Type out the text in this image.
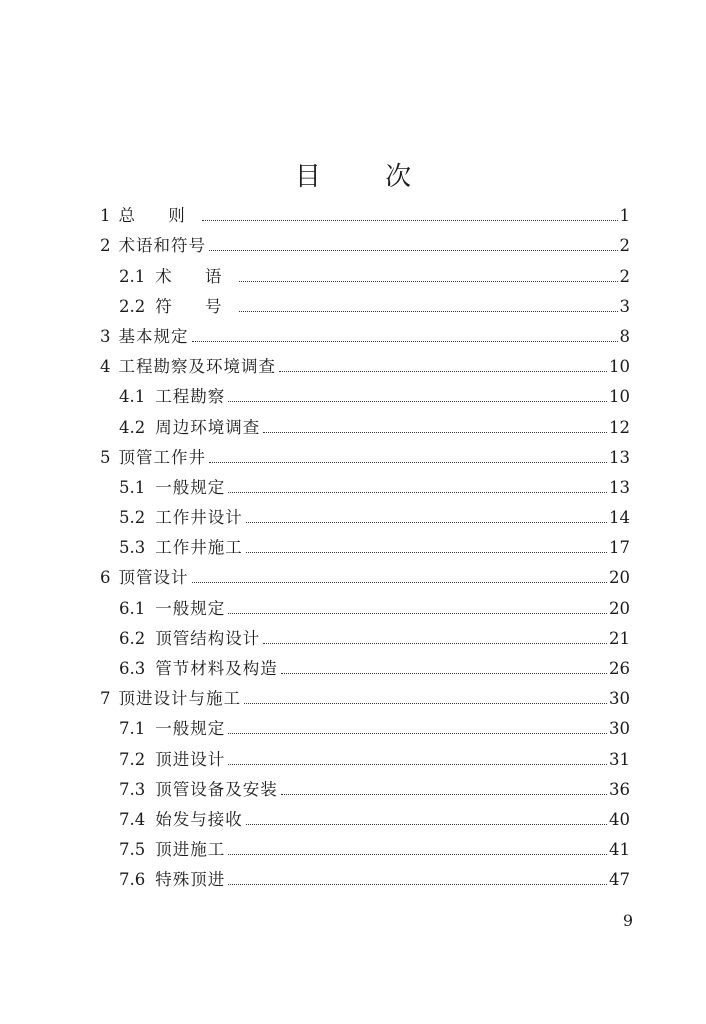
目 次
1 总 则	1
2 术语和符号	2
2.1 术 语	2
2.2 符 号	3
3 基本规定	8
4 工程勘察及环境调查	10
4.1 工程勘察	10
4.2 周边环境调查	12
5 顶管工作井	13
5.1 一般规定	13
5.2 工作井设计	14
5.3 工作井施工	17
6 顶管设计	20
6.1 一般规定	20
6.2 顶管结构设计	21
6.3 管节材料及构造	26
7 顶进设计与施工	30
7.1 一般规定	30
7.2 顶进设计	31
7.3 顶管设备及安装	36
7.4 始发与接收	40
7.5 顶进施工	41
7.6 特殊顶进	47
9
